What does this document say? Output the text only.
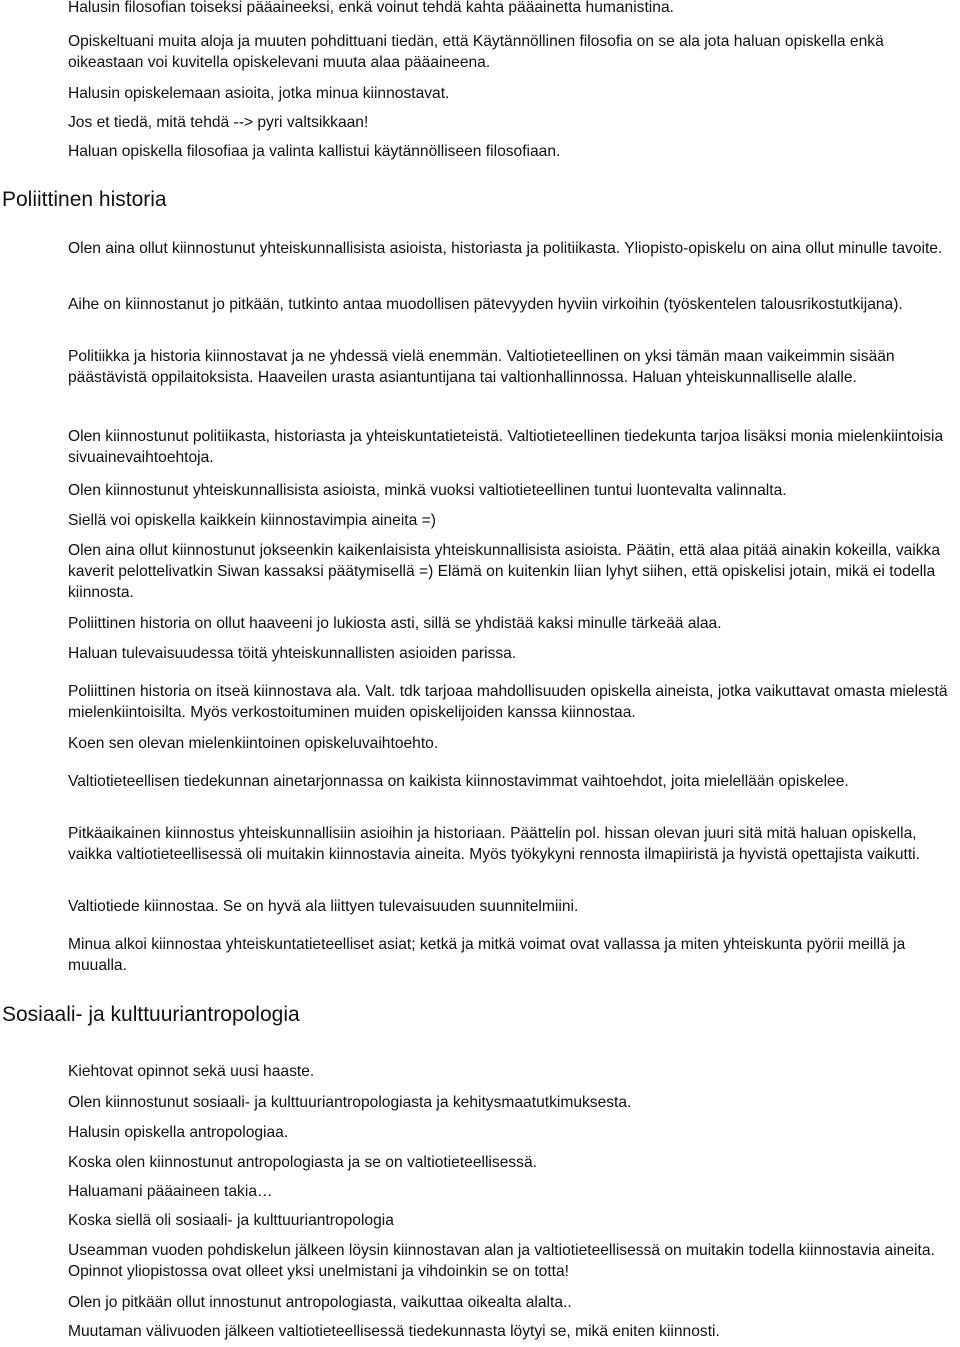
Halusin filosofian toiseksi pääaineeksi, enkä voinut tehdä kahta pääainetta humanistina.

Opiskeltuani muita aloja ja muuten pohdittuani tiedän, että Käytännöllinen filosofia on se ala jota haluan opiskella enkä oikeastaan voi kuvitella opiskelevani muuta alaa pääaineena.

Halusin opiskelemaan asioita, jotka minua kiinnostavat.

Jos et tiedä, mitä tehdä --> pyri valtsikkaan!

Haluan opiskella filosofiaa ja valinta kallistui käytännölliseen filosofiaan.

Poliittinen historia

Olen aina ollut kiinnostunut yhteiskunnallisista asioista, historiasta ja politiikasta. Yliopisto-opiskelu on aina ollut minulle tavoite.

Aihe on kiinnostanut jo pitkään, tutkinto antaa muodollisen pätevyyden hyviin virkoihin (työskentelen talousrikostutkijana).

Politiikka ja historia kiinnostavat ja ne yhdessä vielä enemmän. Valtiotieteellinen on yksi tämän maan vaikeimmin sisään päästävistä oppilaitoksista. Haaveilen urasta asiantuntijana tai valtionhallinnossa. Haluan yhteiskunnalliselle alalle.

Olen kiinnostunut politiikasta, historiasta ja yhteiskuntatieteistä. Valtiotieteellinen tiedekunta tarjoa lisäksi monia mielenkiintoisia sivuainevaihtoehtoja.

Olen kiinnostunut yhteiskunnallisista asioista, minkä vuoksi valtiotieteellinen tuntui luontevalta valinnalta.

Siellä voi opiskella kaikkein kiinnostavimpia aineita =)

Olen aina ollut kiinnostunut jokseenkin kaikenlaisista yhteiskunnallisista asioista. Päätin, että alaa pitää ainakin kokeilla, vaikka kaverit pelottelivatkin Siwan kassaksi päätymisellä =) Elämä on kuitenkin liian lyhyt siihen, että opiskelisi jotain, mikä ei todella kiinnosta.

Poliittinen historia on ollut haaveeni jo lukiosta asti, sillä se yhdistää kaksi minulle tärkeää alaa.

Haluan tulevaisuudessa töitä yhteiskunnallisten asioiden parissa.

Poliittinen historia on itseä kiinnostava ala. Valt. tdk tarjoaa mahdollisuuden opiskella aineista, jotka vaikuttavat omasta mielestä mielenkiintoisilta. Myös verkostoituminen muiden opiskelijoiden kanssa kiinnostaa.

Koen sen olevan mielenkiintoinen opiskeluvaihtoehto.

Valtiotieteellisen tiedekunnan ainetarjonnassa on kaikista kiinnostavimmat vaihtoehdot, joita mielellään opiskelee.

Pitkäaikainen kiinnostus yhteiskunnallisiin asioihin ja historiaan. Päättelin pol. hissan olevan juuri sitä mitä haluan opiskella, vaikka valtiotieteellisessä oli muitakin kiinnostavia aineita. Myös työkykyni rennosta ilmapiiristä ja hyvistä opettajista vaikutti.

Valtiotiede kiinnostaa. Se on hyvä ala liittyen tulevaisuuden suunnitelmiini.

Minua alkoi kiinnostaa yhteiskuntatieteelliset asiat; ketkä ja mitkä voimat ovat vallassa ja miten yhteiskunta pyörii meillä ja muualla.

Sosiaali- ja kulttuuriantropologia

Kiehtovat opinnot sekä uusi haaste.

Olen kiinnostunut sosiaali- ja kulttuuriantropologiasta ja kehitysmaatutkimuksesta.

Halusin opiskella antropologiaa.

Koska olen kiinnostunut antropologiasta ja se on valtiotieteellisessä.

Haluamani pääaineen takia…

Koska siellä oli sosiaali- ja kulttuuriantropologia

Useamman vuoden pohdiskelun jälkeen löysin kiinnostavan alan ja valtiotieteellisessä on muitakin todella kiinnostavia aineita. Opinnot yliopistossa ovat olleet yksi unelmistani ja vihdoinkin se on totta!

Olen jo pitkään ollut innostunut antropologiasta, vaikuttaa oikealta alalta..

Muutaman välivuoden jälkeen valtiotieteellisessä tiedekunnasta löytyi se, mikä eniten kiinnosti.
